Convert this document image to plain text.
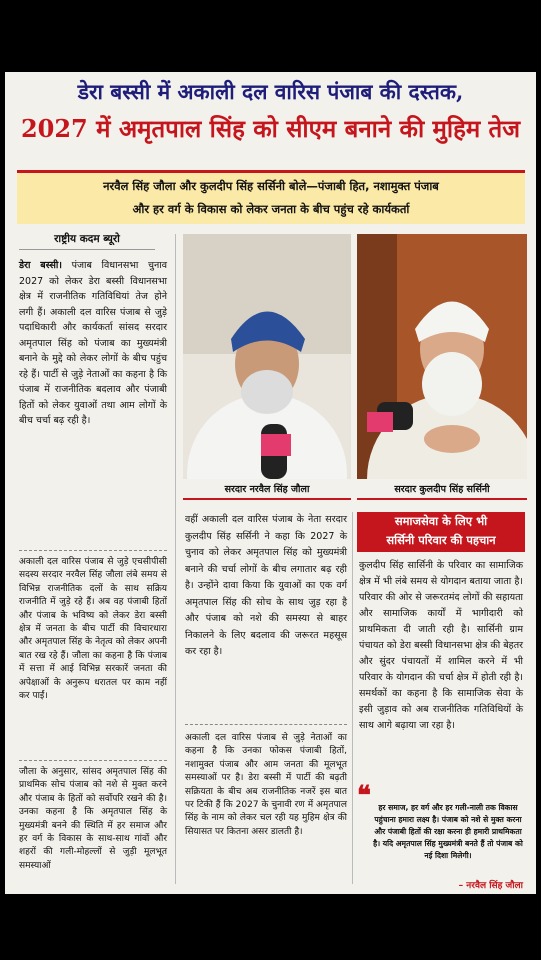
डेरा बस्सी में अकाली दल वारिस पंजाब की दस्तक,
2027 में अमृतपाल सिंह को सीएम बनाने की मुहिम तेज
नरवैल सिंह जौला और कुलदीप सिंह सर्सिनी बोले—पंजाबी हित, नशामुक्त पंजाब
और हर वर्ग के विकास को लेकर जनता के बीच पहुंच रहे कार्यकर्ता
राष्ट्रीय कदम ब्यूरो
डेरा बस्सी। पंजाब विधानसभा चुनाव 2027 को लेकर डेरा बस्सी विधानसभा क्षेत्र में राजनीतिक गतिविधियां तेज होने लगी हैं। अकाली दल वारिस पंजाब से जुड़े पदाधिकारी और कार्यकर्ता सांसद सरदार अमृतपाल सिंह को पंजाब का मुख्यमंत्री बनाने के मुद्दे को लेकर लोगों के बीच पहुंच रहे हैं। पार्टी से जुड़े नेताओं का कहना है कि पंजाब में राजनीतिक बदलाव और पंजाबी हितों को लेकर युवाओं तथा आम लोगों के बीच चर्चा बढ़ रही है।
अकाली दल वारिस पंजाब से जुड़े एचसीपीसी सदस्य सरदार नरवैल सिंह जौला लंबे समय से विभिन्न राजनीतिक दलों के साथ सक्रिय राजनीति में जुड़े रहे हैं। अब वह पंजाबी हितों और पंजाब के भविष्य को लेकर डेरा बस्सी क्षेत्र में जनता के बीच पार्टी की विचारधारा और अमृतपाल सिंह के नेतृत्व को लेकर अपनी बात रख रहे हैं। जौला का कहना है कि पंजाब में सत्ता में आई विभिन्न सरकारें जनता की अपेक्षाओं के अनुरूप धरातल पर काम नहीं कर पाईं।
जौला के अनुसार, सांसद अमृतपाल सिंह की प्राथमिक सोच पंजाब को नशे से मुक्त करने और पंजाब के हितों को सर्वोपरि रखने की है। उनका कहना है कि अमृतपाल सिंह के मुख्यमंत्री बनने की स्थिति में हर समाज और हर वर्ग के विकास के साथ-साथ गांवों और शहरों की गली-मोहल्लों से जुड़ी मूलभूत समस्याओं
सरदार नरवैल सिंह जौला	सरदार कुलदीप सिंह सर्सिनी
वहीं अकाली दल वारिस पंजाब के नेता सरदार कुलदीप सिंह सर्सिनी ने कहा कि 2027 के चुनाव को लेकर अमृतपाल सिंह को मुख्यमंत्री बनाने की चर्चा लोगों के बीच लगातार बढ़ रही है। उन्होंने दावा किया कि युवाओं का एक वर्ग अमृतपाल सिंह की सोच के साथ जुड़ रहा है और पंजाब को नशे की समस्या से बाहर निकालने के लिए बदलाव की जरूरत महसूस कर रहा है।
अकाली दल वारिस पंजाब से जुड़े नेताओं का कहना है कि उनका फोकस पंजाबी हितों, नशामुक्त पंजाब और आम जनता की मूलभूत समस्याओं पर है। डेरा बस्सी में पार्टी की बढ़ती सक्रियता के बीच अब राजनीतिक नजरें इस बात पर टिकी हैं कि 2027 के चुनावी रण में अमृतपाल सिंह के नाम को लेकर चल रही यह मुहिम क्षेत्र की सियासत पर कितना असर डालती है।
समाजसेवा के लिए भी
सर्सिनी परिवार की पहचान
कुलदीप सिंह सार्सिनी के परिवार का सामाजिक क्षेत्र में भी लंबे समय से योगदान बताया जाता है। परिवार की ओर से जरूरतमंद लोगों की सहायता और सामाजिक कार्यों में भागीदारी को प्राथमिकता दी जाती रही है। सार्सिनी ग्राम पंचायत को डेरा बस्सी विधानसभा क्षेत्र की बेहतर और सुंदर पंचायतों में शामिल करने में भी परिवार के योगदान की चर्चा क्षेत्र में होती रही है। समर्थकों का कहना है कि सामाजिक सेवा के इसी जुड़ाव को अब राजनीतिक गतिविधियों के साथ आगे बढ़ाया जा रहा है।
❝ हर समाज, हर वर्ग और हर गली-नाली तक विकास पहुंचाना हमारा लक्ष्य है। पंजाब को नशे से मुक्त करना और पंजाबी हितों की रक्षा करना ही हमारी प्राथमिकता है। यदि अमृतपाल सिंह मुख्यमंत्री बनते हैं तो पंजाब को नई दिशा मिलेगी।
– नरवैल सिंह जौला
